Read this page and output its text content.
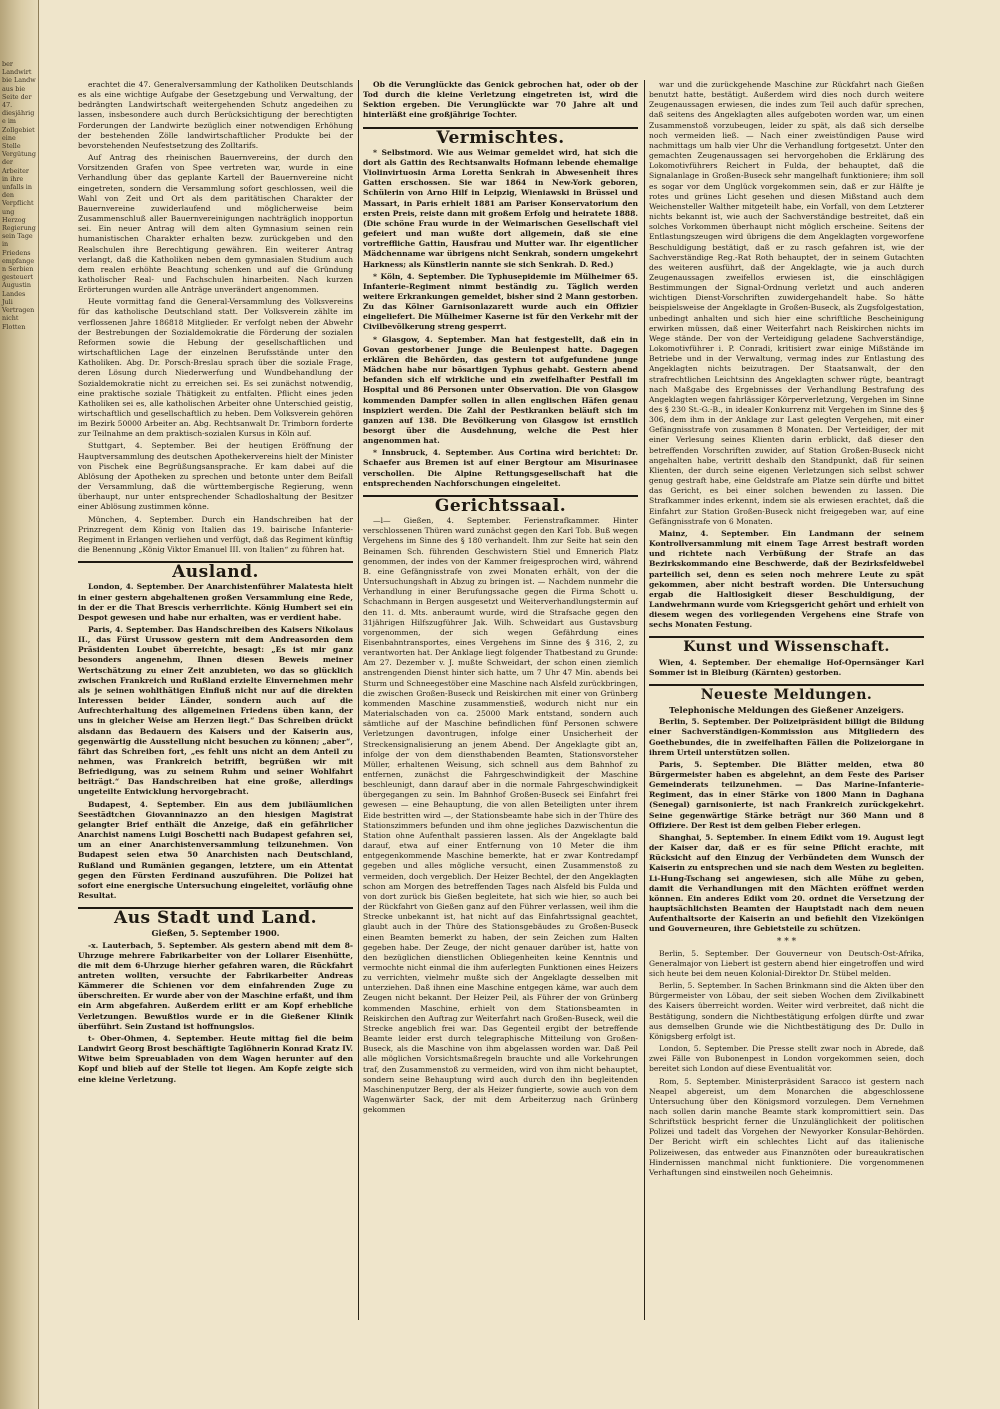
ber Landwirt bie Landw aus bie Seite der 47. diesjährige im Zollgebiet eine Stelle Vergütung der Arbeiter in ihre unfalls in den Verpflichtung Herzog Regierung sein Tage in Friedens empfangen Serbien gesteuert Augustin Landes Juli Vertragen nicht Flotten

erachtet die 47. Generalversammlung der Katholiken Deutschlands es als eine wichtige Aufgabe der Gesetzgebung und Verwaltung, der bedrängten Landwirtschaft weitergehenden Schutz angedeihen zu lassen, insbesondere auch durch Berücksichtigung der berechtigten Forderungen der Landwirte bezüglich einer notwendigen Erhöhung der bestehenden Zölle landwirtschaftlicher Produkte bei der bevorstehenden Neufestsetzung des Zolltarifs.

Auf Antrag des rheinischen Bauernvereins, der durch den Vorsitzenden Grafen von Spee vertreten war, wurde in eine Verhandlung über das geplante Kartell der Bauernvereine nicht eingetreten, sondern die Versammlung sofort geschlossen, weil die Wahl von Zeit und Ort als dem paritätischen Charakter der Bauernvereine zuwiderlaufend und möglicherweise beim Zusammenschluß aller Bauernvereinigungen nachträglich inopportun sei. Ein neuer Antrag will dem alten Gymnasium seinen rein humanistischen Charakter erhalten bezw. zurückgeben und den Realschulen ihre Berechtigung gewähren. Ein weiterer Antrag verlangt, daß die Katholiken neben dem gymnasialen Studium auch dem realen erhöhte Beachtung schenken und auf die Gründung katholischer Real- und Fachschulen hinarbeiten. Nach kurzen Erörterungen wurden alle Anträge unverändert angenommen.

Heute vormittag fand die General-Versammlung des Volksvereins für das katholische Deutschland statt. Der Volksverein zählte im verflossenen Jahre 186818 Mitglieder. Er verfolgt neben der Abwehr der Bestrebungen der Sozialdemokratie die Förderung der sozialen Reformen sowie die Hebung der gesellschaftlichen und wirtschaftlichen Lage der einzelnen Berufsstände unter den Katholiken. Abg. Dr. Porsch-Breslau sprach über die soziale Frage, deren Lösung durch Niederwerfung und Wundbehandlung der Sozialdemokratie nicht zu erreichen sei. Es sei zunächst notwendig, eine praktische soziale Thätigkeit zu entfalten. Pflicht eines jeden Katholiken sei es, alle katholischen Arbeiter ohne Unterschied geistig, wirtschaftlich und gesellschaftlich zu heben. Dem Volksverein gehören im Bezirk 50000 Arbeiter an. Abg. Rechtsanwalt Dr. Trimborn forderte zur Teilnahme an dem praktisch-sozialen Kursus in Köln auf.

Stuttgart, 4. September. Bei der heutigen Eröffnung der Hauptversammlung des deutschen Apothekervereins hielt der Minister von Pischek eine Begrüßungsansprache. Er kam dabei auf die Ablösung der Apotheken zu sprechen und betonte unter dem Beifall der Versammlung, daß die württembergische Regierung, wenn überhaupt, nur unter entsprechender Schadloshaltung der Besitzer einer Ablösung zustimmen könne.

München, 4. September. Durch ein Handschreiben hat der Prinzregent dem König von Italien das 19. bairische Infanterie-Regiment in Erlangen verliehen und verfügt, daß das Regiment künftig die Benennung „König Viktor Emanuel III. von Italien“ zu führen hat.

Ausland.

London, 4. September. Der Anarchistenführer Malatesta hielt in einer gestern abgehaltenen großen Versammlung eine Rede, in der er die That Brescis verherrlichte. König Humbert sei ein Despot gewesen und habe nur erhalten, was er verdient habe.

Paris, 4. September. Das Handschreiben des Kaisers Nikolaus II., das Fürst Urussow gestern mit dem Andreasorden dem Präsidenten Loubet überreichte, besagt: „Es ist mir ganz besonders angenehm, Ihnen diesen Beweis meiner Wertschätzung zu einer Zeit anzubieten, wo das so glücklich zwischen Frankreich und Rußland erzielte Einvernehmen mehr als je seinen wohlthätigen Einfluß nicht nur auf die direkten Interessen beider Länder, sondern auch auf die Aufrechterhaltung des allgemeinen Friedens üben kann, der uns in gleicher Weise am Herzen liegt.“ Das Schreiben drückt alsdann das Bedauern des Kaisers und der Kaiserin aus, gegenwärtig die Ausstellung nicht besuchen zu können; „aber“, fährt das Schreiben fort, „es fehlt uns nicht an dem Anteil zu nehmen, was Frankreich betrifft, begrüßen wir mit Befriedigung, was zu seinem Ruhm und seiner Wohlfahrt beiträgt.“ Das Handschreiben hat eine große, allerdings ungeteilte Entwicklung hervorgebracht.

Budapest, 4. September. Ein aus dem jubiläumlichen Seestädtchen Giovanninazzo an den hiesigen Magistrat gelangter Brief enthält die Anzeige, daß ein gefährlicher Anarchist namens Luigi Boschetti nach Budapest gefahren sei, um an einer Anarchistenversammlung teilzunehmen. Von Budapest seien etwa 50 Anarchisten nach Deutschland, Rußland und Rumänien gegangen, letztere, um ein Attentat gegen den Fürsten Ferdinand auszuführen. Die Polizei hat sofort eine energische Untersuchung eingeleitet, vorläufig ohne Resultat.

Aus Stadt und Land.
Gießen, 5. September 1900.

-x. Lauterbach, 5. September. Als gestern abend mit dem 8-Uhrzuge mehrere Fabrikarbeiter von der Lollarer Eisenhütte, die mit dem 6-Uhrzuge hierher gefahren waren, die Rückfahrt antreten wollten, versuchte der Fabrikarbeiter Andreas Kämmerer die Schienen vor dem einfahrenden Zuge zu überschreiten. Er wurde aber von der Maschine erfaßt, und ihm ein Arm abgefahren. Außerdem erlitt er am Kopf erhebliche Verletzungen. Bewußtlos wurde er in die Gießener Klinik überführt. Sein Zustand ist hoffnungslos.

t- Ober-Ohmen, 4. September. Heute mittag fiel die beim Landwirt Georg Brost beschäftigte Taglöhnerin Konrad Kratz IV. Witwe beim Spreuabladen von dem Wagen herunter auf den Kopf und blieb auf der Stelle tot liegen. Am Kopfe zeigte sich eine kleine Verletzung.

Ob die Verunglückte das Genick gebrochen hat, oder ob der Tod durch die kleine Verletzung eingetreten ist, wird die Sektion ergeben. Die Verunglückte war 70 Jahre alt und hinterläßt eine großjährige Tochter.

Vermischtes.

* Selbstmord. Wie aus Weimar gemeldet wird, hat sich die dort als Gattin des Rechtsanwalts Hofmann lebende ehemalige Violinvirtuosin Arma Loretta Senkrah in Abwesenheit ihres Gatten erschossen. Sie war 1864 in New-York geboren, Schülerin von Arno Hilf in Leipzig, Wieniawski in Brüssel und Massart, in Paris erhielt 1881 am Pariser Konservatorium den ersten Preis, reiste dann mit großem Erfolg und heiratete 1888. (Die schöne Frau wurde in der Weimarischen Gesellschaft viel gefeiert und man wußte dort allgemein, daß sie eine vortreffliche Gattin, Hausfrau und Mutter war. Ihr eigentlicher Mädchenname war übrigens nicht Senkrah, sondern umgekehrt Harkness; als Künstlerin nannte sie sich Senkrah. D. Red.)

* Köln, 4. September. Die Typhusepidemie im Mülheimer 65. Infanterie-Regiment nimmt beständig zu. Täglich werden weitere Erkrankungen gemeldet, bisher sind 2 Mann gestorben. Zu das Kölner Garnisonlazarett wurde auch ein Offizier eingeliefert. Die Mülheimer Kaserne ist für den Verkehr mit der Civilbevölkerung streng gesperrt.

* Glasgow, 4. September. Man hat festgestellt, daß ein in Govan gestorbener Junge die Beulenpest hatte. Dagegen erklären die Behörden, das gestern tot aufgefundene junge Mädchen habe nur bösartigen Typhus gehabt. Gestern abend befanden sich elf wirkliche und ein zweifelhafter Pestfall im Hospital und 86 Personen unter Observation. Die von Glasgow kommenden Dampfer sollen in allen englischen Häfen genau inspiziert werden. Die Zahl der Pestkranken beläuft sich im ganzen auf 138. Die Bevölkerung von Glasgow ist ernstlich besorgt über die Ausdehnung, welche die Pest hier angenommen hat.

* Innsbruck, 4. September. Aus Cortina wird berichtet: Dr. Schaefer aus Bremen ist auf einer Bergtour am Misurinasee verschollen. Die Alpine Rettungsgesellschaft hat die entsprechenden Nachforschungen eingeleitet.

Gerichtssaal.

—l— Gießen, 4. September. Ferienstrafkammer. Hinter verschlossenen Thüren ward zunächst gegen den Karl Tob. Buß wegen Vergehens im Sinne des § 180 verhandelt. Ihm zur Seite hat sein den Beinamen Sch. führenden Geschwistern Stiel und Emnerich Platz genommen, der indes von der Kammer freigesprochen wird, während B. eine Gefängnisstrafe von zwei Monaten erhält, von der die Untersuchungshaft in Abzug zu bringen ist. — Nachdem nunmehr die Verhandlung in einer Berufungssache gegen die Firma Schott u. Schachmann in Bergen ausgesetzt und Weiterverhandlungstermin auf den 11. d. Mts. anberaumt wurde, wird die Strafsache gegen den 31jährigen Hilfszugführer Jak. Wilh. Schweidart aus Gustavsburg vorgenommen, der sich wegen Gefährdung eines Eisenbahntransportes, eines Vergehens im Sinne des § 316, 2, zu verantworten hat. Der Anklage liegt folgender Thatbestand zu Grunde: Am 27. Dezember v. J. mußte Schweidart, der schon einen ziemlich anstrengenden Dienst hinter sich hatte, um 7 Uhr 47 Min. abends bei Sturm und Schneegestöber eine Maschine nach Alsfeld zurückbringen, die zwischen Großen-Buseck und Reiskirchen mit einer von Grünberg kommenden Maschine zusammenstieß, wodurch nicht nur ein Materialschaden von ca. 25000 Mark entstand, sondern auch sämtliche auf der Maschine befindlichen fünf Personen schwere Verletzungen davontrugen, infolge einer Unsicherheit der Streckensignalisierung an jenem Abend. Der Angeklagte gibt an, infolge der von dem diensthabenden Beamten, Stationsvorsteher Müller, erhaltenen Weisung, sich schnell aus dem Bahnhof zu entfernen, zunächst die Fahrgeschwindigkeit der Maschine beschleunigt, dann darauf aber in die normale Fahrgeschwindigkeit übergegangen zu sein. Im Bahnhof Großen-Buseck sei Einfahrt frei gewesen — eine Behauptung, die von allen Beteiligten unter ihrem Eide bestritten wird —, der Stationsbeamte habe sich in der Thüre des Stationszimmers befunden und ihm ohne jegliches Dazwischentun die Station ohne Aufenthalt passieren lassen. Als der Angeklagte bald darauf, etwa auf einer Entfernung von 10 Meter die ihm entgegenkommende Maschine bemerkte, hat er zwar Kontredampf gegeben und alles mögliche versucht, einen Zusammenstoß zu vermeiden, doch vergeblich. Der Heizer Bechtel, der den Angeklagten schon am Morgen des betreffenden Tages nach Alsfeld bis Fulda und von dort zurück bis Gießen begleitete, hat sich wie hier, so auch bei der Rückfahrt von Gießen ganz auf den Führer verlassen, weil ihm die Strecke unbekannt ist, hat nicht auf das Einfahrtssignal geachtet, glaubt auch in der Thüre des Stationsgebäudes zu Großen-Buseck einen Beamten bemerkt zu haben, der sein Zeichen zum Halten gegeben habe. Der Zeuge, der nicht genauer darüber ist, hatte von den bezüglichen dienstlichen Obliegenheiten keine Kenntnis und vermochte nicht einmal die ihm auferlegten Funktionen eines Heizers zu verrichten, vielmehr mußte sich der Angeklagte desselben mit unterziehen. Daß ihnen eine Maschine entgegen käme, war auch dem Zeugen nicht bekannt. Der Heizer Peil, als Führer der von Grünberg kommenden Maschine, erhielt von dem Stationsbeamten in Reiskirchen den Auftrag zur Weiterfahrt nach Großen-Buseck, weil die Strecke angeblich frei war. Das Gegenteil ergibt der betreffende Beamte leider erst durch telegraphische Mitteilung von Großen-Buseck, als die Maschine von ihm abgelassen worden war. Daß Peil alle möglichen Vorsichtsmaßregeln brauchte und alle Vorkehrungen traf, den Zusammenstoß zu vermeiden, wird von ihm nicht behauptet, sondern seine Behauptung wird auch durch den ihn begleitenden Maschinenputzer Berg, der als Heizer fungierte, sowie auch von dem Wagenwärter Sack, der mit dem Arbeiterzug nach Grünberg gekommen

war und die zurückgehende Maschine zur Rückfahrt nach Gießen benutzt hatte, bestätigt. Außerdem wird dies noch durch weitere Zeugenaussagen erwiesen, die indes zum Teil auch dafür sprechen, daß seitens des Angeklagten alles aufgeboten worden war, um einen Zusammenstoß vorzubeugen, leider zu spät, als daß sich derselbe noch vermeiden ließ. — Nach einer zweistündigen Pause wird nachmittags um halb vier Uhr die Verhandlung fortgesetzt. Unter den gemachten Zeugenaussagen sei hervorgehoben die Erklärung des Lokomotivführers Reichert in Fulda, der behauptet, daß die Signalanlage in Großen-Buseck sehr mangelhaft funktioniere; ihm soll es sogar vor dem Unglück vorgekommen sein, daß er zur Hälfte je rotes und grünes Licht gesehen und diesen Mißstand auch dem Weichensteller Walther mitgeteilt habe, ein Vorfall, von dem Letzterer nichts bekannt ist, wie auch der Sachverständige bestreitet, daß ein solches Vorkommen überhaupt nicht möglich erscheine. Seitens der Entlastungszeugen wird übrigens die dem Angeklagten vorgeworfene Beschuldigung bestätigt, daß er zu rasch gefahren ist, wie der Sachverständige Reg.-Rat Roth behauptet, der in seinem Gutachten des weiteren ausführt, daß der Angeklagte, wie ja auch durch Zeugenaussagen zweifellos erwiesen ist, die einschlägigen Bestimmungen der Signal-Ordnung verletzt und auch anderen wichtigen Dienst-Vorschriften zuwidergehandelt habe. So hätte beispielsweise der Angeklagte in Großen-Buseck, als Zugsfolgestation, unbedingt anhalten und sich hier eine schriftliche Bescheinigung erwirken müssen, daß einer Weiterfahrt nach Reiskirchen nichts im Wege stände. Der von der Verteidigung geladene Sachverständige, Lokomotivführer i. P. Conradi, kritisiert zwar einige Mißstände im Betriebe und in der Verwaltung, vermag indes zur Entlastung des Angeklagten nichts beizutragen. Der Staatsanwalt, der den strafrechtlichen Leichtsinn des Angeklagten schwer rügte, beantragt nach Maßgabe des Ergebnisses der Verhandlung Bestrafung des Angeklagten wegen fahrlässiger Körperverletzung, Vergehen im Sinne des § 230 St.-G.-B., in idealer Konkurrenz mit Vergehen im Sinne des § 306, dem ihm in der Anklage zur Last gelegten Vergehen, mit einer Gefängnisstrafe von zusammen 8 Monaten. Der Verteidiger, der mit einer Verlesung seines Klienten darin erblickt, daß dieser den betreffenden Vorschriften zuwider, auf Station Großen-Buseck nicht angehalten habe, vertritt deshalb den Standpunkt, daß für seinen Klienten, der durch seine eigenen Verletzungen sich selbst schwer genug gestraft habe, eine Geldstrafe am Platze sein dürfte und bittet das Gericht, es bei einer solchen bewenden zu lassen. Die Strafkammer indes erkennt, indem sie als erwiesen erachtet, daß die Einfahrt zur Station Großen-Buseck nicht freigegeben war, auf eine Gefängnisstrafe von 6 Monaten.

Mainz, 4. September. Ein Landmann der seinem Kontrollversammlung mit einem Tage Arrest bestraft worden und richtete nach Verbüßung der Strafe an das Bezirkskommando eine Beschwerde, daß der Bezirksfeldwebel parteilich sei, denn es seien noch mehrere Leute zu spät gekommen, aber nicht bestraft worden. Die Untersuchung ergab die Haltlosigkeit dieser Beschuldigung, der Landwehrmann wurde vom Kriegsgericht gehört und erhielt von diesem wegen des vorliegenden Vergehens eine Strafe von sechs Monaten Festung.

Kunst und Wissenschaft.

Wien, 4. September. Der ehemalige Hof-Opernsänger Karl Sommer ist in Bleiburg (Kärnten) gestorben.

Neueste Meldungen.
Telephonische Meldungen des Gießener Anzeigers.

Berlin, 5. September. Der Polizeipräsident billigt die Bildung einer Sachverständigen-Kommission aus Mitgliedern des Goethebundes, die in zweifelhaften Fällen die Polizeiorgane in ihrem Urteil unterstützen sollen.

Paris, 5. September. Die Blätter melden, etwa 80 Bürgermeister haben es abgelehnt, an dem Feste des Pariser Gemeinderats teilzunehmen. — Das Marine-Infanterie-Regiment, das in einer Stärke von 1800 Mann in Daghana (Senegal) garnisonierte, ist nach Frankreich zurückgekehrt. Seine gegenwärtige Stärke beträgt nur 360 Mann und 8 Offiziere. Der Rest ist dem gelben Fieber erlegen.

Shanghai, 5. September. In einem Edikt vom 19. August legt der Kaiser dar, daß er es für seine Pflicht erachte, mit Rücksicht auf den Einzug der Verbündeten dem Wunsch der Kaiserin zu entsprechen und sie nach dem Westen zu begleiten. Li-Hung-Tschang sei angewiesen, sich alle Mühe zu geben, damit die Verhandlungen mit den Mächten eröffnet werden können. Ein anderes Edikt vom 20. ordnet die Versetzung der hauptsächlichsten Beamten der Hauptstadt nach dem neuen Aufenthaltsorte der Kaiserin an und befiehlt den Vizekönigen und Gouverneuren, ihre Gebietsteile zu schützen.

* * *

Berlin, 5. September. Der Gouverneur von Deutsch-Ost-Afrika, Generalmajor von Liebert ist gestern abend hier eingetroffen und wird sich heute bei dem neuen Kolonial-Direktor Dr. Stübel melden.

Berlin, 5. September. In Sachen Brinkmann sind die Akten über den Bürgermeister von Löbau, der seit sieben Wochen dem Zivilkabinett des Kaisers überreicht worden. Weiter wird verbreitet, daß nicht die Bestätigung, sondern die Nichtbestätigung erfolgen dürfte und zwar aus demselben Grunde wie die Nichtbestätigung des Dr. Dullo in Königsberg erfolgt ist.

London, 5. September. Die Presse stellt zwar noch in Abrede, daß zwei Fälle von Bubonenpest in London vorgekommen seien, doch bereitet sich London auf diese Eventualität vor.

Rom, 5. September. Ministerpräsident Saracco ist gestern nach Neapel abgereist, um dem Monarchen die abgeschlossene Untersuchung über den Königsmord vorzulegen. Dem Vernehmen nach sollen darin manche Beamte stark kompromittiert sein. Das Schriftstück bespricht ferner die Unzulänglichkeit der politischen Polizei und tadelt das Vorgehen der Newyorker Konsular-Behörden. Der Bericht wirft ein schlechtes Licht auf das italienische Polizeiwesen, das entweder aus Finanznöten oder bureaukratischen Hindernissen manchmal nicht funktioniere. Die vorgenommenen Verhaftungen sind einstweilen noch Geheimnis.
